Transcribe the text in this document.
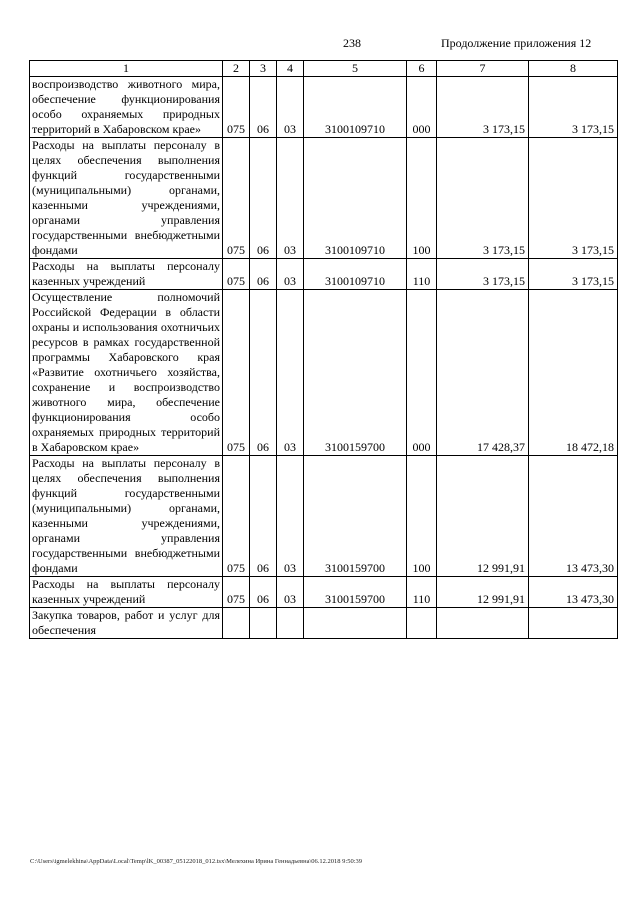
238	Продолжение приложения 12
1	2	3	4	5	6	7	8
воспроизводство животного мира, обеспечение функционирования особо охраняемых природных территорий в Хабаровском крае»	075	06	03	3100109710	000	3 173,15	3 173,15
Расходы на выплаты персоналу в целях обеспечения выполнения функций государственными (муниципальными) органами, казенными учреждениями, органами управления государственными внебюджетными фондами	075	06	03	3100109710	100	3 173,15	3 173,15
Расходы на выплаты персоналу казенных учреждений	075	06	03	3100109710	110	3 173,15	3 173,15
Осуществление полномочий Российской Федерации в области охраны и использования охотничьих ресурсов в рамках государственной программы Хабаровского края «Развитие охотничьего хозяйства, сохранение и воспроизводство животного мира, обеспечение функционирования особо охраняемых природных территорий в Хабаровском крае»	075	06	03	3100159700	000	17 428,37	18 472,18
Расходы на выплаты персоналу в целях обеспечения выполнения функций государственными (муниципальными) органами, казенными учреждениями, органами управления государственными внебюджетными фондами	075	06	03	3100159700	100	12 991,91	13 473,30
Расходы на выплаты персоналу казенных учреждений	075	06	03	3100159700	110	12 991,91	13 473,30
Закупка товаров, работ и услуг для обеспечения							
C:\Users\igmelekhina\AppData\Local\Temp\lK_00387_05122018_012.tsx\Мелехина Ирина Геннадьевна\06.12.2018 9:50:39
